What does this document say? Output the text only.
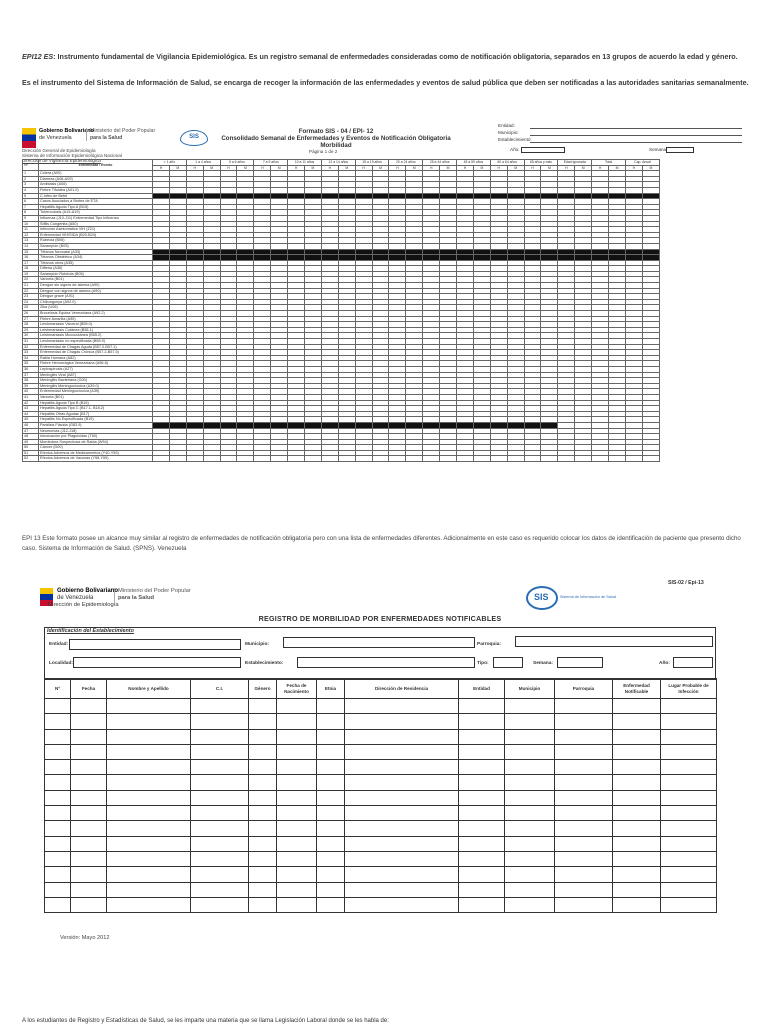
EPI12 ES: Instrumento fundamental de Vigilancia Epidemiológica. Es un registro semanal de enfermedades consideradas como de notificación obligatoria, separados en 13 grupos de acuerdo la edad y género.
Es el instrumento del Sistema de Información de Salud, se encarga de recoger la información de las enfermedades y eventos de salud pública que deben ser notificadas a las autoridades sanitarias semanalmente.
Gobierno Bolivariano
de Venezuela
Ministerio del Poder Popular
para la Salud	SIS
Dirección General de Epidemiología
Sistema de Información Epidemiológica Nacional
Dirección de Vigilancia Epidemiológica
Formato SIS - 04 / EPI- 12
Consolidado Semanal de Enfermedades y Eventos de Notificación Obligatoria
Morbilidad
Página 1 de 2
Entidad:
Municipio:
Establecimiento:
Año:	Semana:
Nº	Enfermedad / Evento	< 1 año		1 a 4 años		5 a 6 años		7 a 9 años		10 a 11 años		12 a 14 años		15 a 19 años		20 a 24 años		25 a 44 años		45 a 59 años		60 a 64 años		65 años y más		Edad ignorada		Total		Cap. Anual	
		H	M	H	M	H	M	H	M	H	M	H	M	H	M	H	M	H	M	H	M	H	M	H	M	H	M	H	M	H	M
1	Cólera (A00)																														
2	Diarreas (A08-A09)																														
3	Amibiasis (A06)																														
4	Fiebre Tifoidea (A01.0)																														
5	C.Infec.de Bebé																														
6	Casos Asociados a Brotes de ETA																														
7	Hepatitis Aguda Tipo A (B15)																														
8	Tuberculosis (A15-A19)																														
9	Influenza (J10-J11) Enfermedad Tipo Influenza																														
10	Sífilis Congénita (A50)																														
11	Infección Asintomática VIH (Z21)																														
12	Enfermedad VIH/SIDA (B20-B24)																														
13	Rubéola (B06)																														
14	Sarampión (B05)																														
15	Tétanos Neonatal (A33)																														
16	Tétanos Obstétrico (A34)																														
17	Tétanos otros (A35)																														
18	Difteria (A36)																														
19	Sarampión Rubéola (B05)																														
20	Varicela (B01)																														
21	Dengue sin signos de alarma (A90)																														
22	Dengue con signos de alarma (A90)																														
23	Dengue grave (A91)																														
24	Chikungunya (A92.0)																														
25	Zika (U06)																														
26	Brucelosis Equina Venezolana (A92.2)																														
27	Fiebre Amarilla (A95)																														
28	Leishmaniasis Visceral (B55.0)																														
29	Leishmaniasis Cutánea (B55.1)																														
30	Leishmaniasis Mucocutánea (B55.2)																														
31	Leishmaniasis no especificada (B55.9)																														
32	Enfermedad de Chagas Aguda (B57.0-B57.1)																														
33	Enfermedad de Chagas Crónica (B57.2-B57.5)																														
34	Rabia Humana (A82)																														
35	Fiebre Hemorrágica Venezolana (A96.8)																														
36	Leptospirosis (A27)																														
37	Meningitis Viral (A87)																														
38	Meningitis Bacteriana (G00)																														
39	Meningitis Meningocóccica (A39.0)																														
40	Enfermedad Meningocóccica (A39)																														
41	Varicela (B01)																														
42	Hepatitis Aguda Tipo B (B16)																														
43	Hepatitis Aguda Tipo C (B17.1, B18.2)																														
44	Hepatitis Otras Agudas (B17)																														
45	Hepatitis No Especificada (B19)																														
46	Parálisis Flácida (G83.9)																														
47	Neumonías (J12-J18)																														
48	Intoxicación por Plaguicidas (T60)																														
49	Mordedura Sospechosa de Rabia (W54)																														
50	Cáncer (D00)																														
51	Efectos Adversos de Medicamentos (Y40-Y59)																														
52	Efectos Adversos de Vacunas (Y58-Y59)																														
EPI 13 Este formato posee un alcance muy similar al registro de enfermedades de notificación obligatoria pero con una lista de enfermedades diferentes. Adicionalmente en este caso es requerido colocar los datos de identificación de paciente que presento dicho caso. Sistema de Información de Salud. (SPNS). Venezuela
SIS-02 / Epi-13
Gobierno Bolivariano
de Venezuela
Ministerio del Poder Popular
para la Salud
Dirección de Epidemiología
SIS	Sistema de Información de Salud
REGISTRO DE MORBILIDAD POR ENFERMEDADES NOTIFICABLES
Identificación del Establecimiento
Entidad:	Municipio:	Parroquia:
Localidad:	Establecimiento:	Tipo:	Semana:	Año:
Nº	Fecha	Nombre y Apellido	C.I.	Género	Fecha de Nacimiento	Etnia	Dirección de Residencia	Entidad	Municipio	Parroquia	Enfermedad Notificable	Lugar Probable de Infección

Versión: Mayo 2012
A los estudiantes de Registro y Estadísticas de Salud, se les imparte una materia que se llama Legislación Laboral donde se les habla de:
